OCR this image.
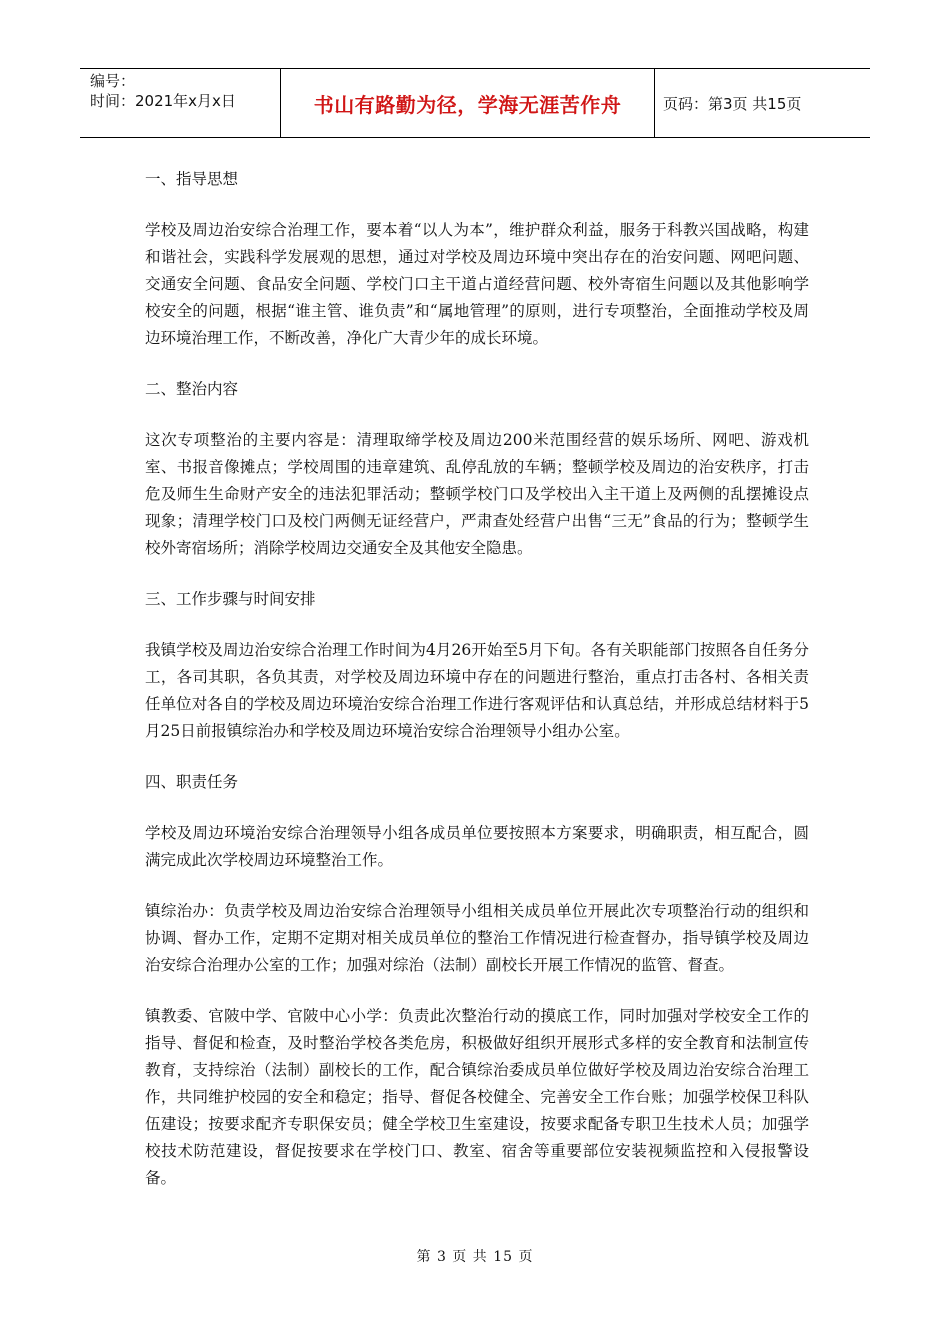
编号：
时间：2021年x月x日	书山有路勤为径，学海无涯苦作舟	页码：第3页 共15页

一、指导思想

学校及周边治安综合治理工作，要本着“以人为本”，维护群众利益，服务于科教兴国战略，构建和谐社会，实践科学发展观的思想，通过对学校及周边环境中突出存在的治安问题、网吧问题、交通安全问题、食品安全问题、学校门口主干道占道经营问题、校外寄宿生问题以及其他影响学校安全的问题，根据“谁主管、谁负责”和“属地管理”的原则，进行专项整治，全面推动学校及周边环境治理工作，不断改善，净化广大青少年的成长环境。

二、整治内容

这次专项整治的主要内容是：清理取缔学校及周边200米范围经营的娱乐场所、网吧、游戏机室、书报音像摊点；学校周围的违章建筑、乱停乱放的车辆；整顿学校及周边的治安秩序，打击危及师生生命财产安全的违法犯罪活动；整顿学校门口及学校出入主干道上及两侧的乱摆摊设点现象；清理学校门口及校门两侧无证经营户，严肃查处经营户出售“三无”食品的行为；整顿学生校外寄宿场所；消除学校周边交通安全及其他安全隐患。

三、工作步骤与时间安排

我镇学校及周边治安综合治理工作时间为4月26开始至5月下旬。各有关职能部门按照各自任务分工，各司其职，各负其责，对学校及周边环境中存在的问题进行整治，重点打击各村、各相关责任单位对各自的学校及周边环境治安综合治理工作进行客观评估和认真总结，并形成总结材料于5月25日前报镇综治办和学校及周边环境治安综合治理领导小组办公室。

四、职责任务

学校及周边环境治安综合治理领导小组各成员单位要按照本方案要求，明确职责，相互配合，圆满完成此次学校周边环境整治工作。

镇综治办：负责学校及周边治安综合治理领导小组相关成员单位开展此次专项整治行动的组织和协调、督办工作，定期不定期对相关成员单位的整治工作情况进行检查督办，指导镇学校及周边治安综合治理办公室的工作；加强对综治（法制）副校长开展工作情况的监管、督查。

镇教委、官陂中学、官陂中心小学：负责此次整治行动的摸底工作，同时加强对学校安全工作的指导、督促和检查，及时整治学校各类危房，积极做好组织开展形式多样的安全教育和法制宣传教育，支持综治（法制）副校长的工作，配合镇综治委成员单位做好学校及周边治安综合治理工作，共同维护校园的安全和稳定；指导、督促各校健全、完善安全工作台账；加强学校保卫科队伍建设；按要求配齐专职保安员；健全学校卫生室建设，按要求配备专职卫生技术人员；加强学校技术防范建设，督促按要求在学校门口、教室、宿舍等重要部位安装视频监控和入侵报警设备。

第 3 页 共 15 页
